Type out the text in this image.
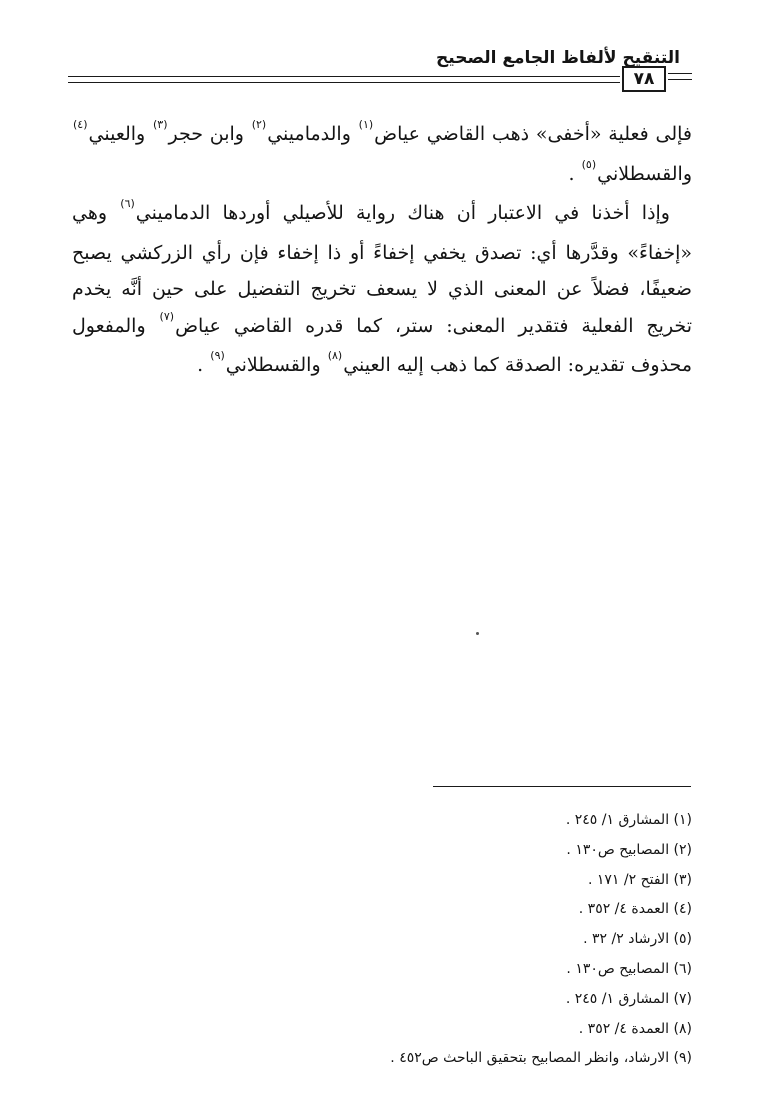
التنقيح لألفاظ الجامع الصحيح
٧٨

فإلى فعلية «أخفى» ذهب القاضي عياض$^{(١)}$ والدماميني$^{(٢)}$ وابن حجر$^{(٣)}$ والعيني$^{(٤)}$ والقسطلاني$^{(٥)}$ .

وإذا أخذنا في الاعتبار أن هناك رواية للأصيلي أوردها الدماميني$^{(٦)}$ وهي «إخفاءً» وقدَّرها أي: تصدق يخفي إخفاءً أو ذا إخفاء فإن رأي الزركشي يصبح ضعيفًا، فضلاً عن المعنى الذي لا يسعف تخريج التفضيل على حين أنَّه يخدم تخريج الفعلية فتقدير المعنى: ستر، كما قدره القاضي عياض$^{(٧)}$ والمفعول محذوف تقديره: الصدقة كما ذهب إليه العيني$^{(٨)}$ والقسطلاني$^{(٩)}$ .

(١) المشارق ١/ ٢٤٥ .
(٢) المصابيح ص١٣٠ .
(٣) الفتح ٢/ ١٧١ .
(٤) العمدة ٤/ ٣٥٢ .
(٥) الارشاد ٢/ ٣٢ .
(٦) المصابيح ص١٣٠ .
(٧) المشارق ١/ ٢٤٥ .
(٨) العمدة ٤/ ٣٥٢ .
(٩) الارشاد، وانظر المصابيح بتحقيق الباحث ص٤٥٢ .
